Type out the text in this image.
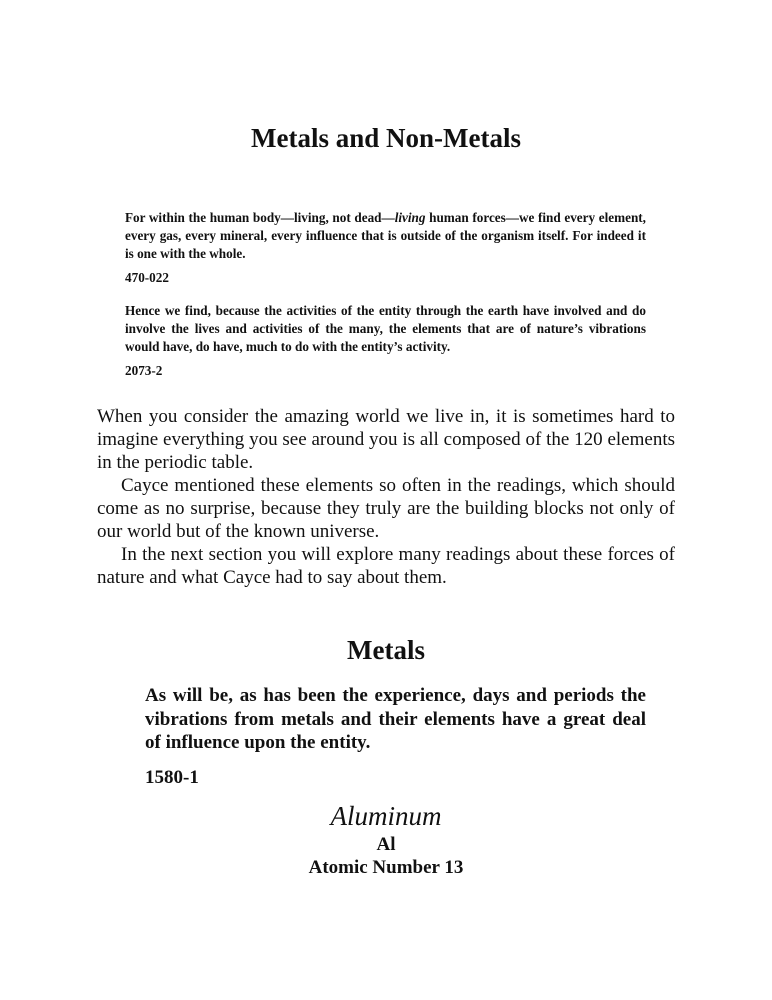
Metals and Non-Metals
For within the human body—living, not dead—living human forces—we find every element, every gas, every mineral, every influence that is outside of the organism itself. For indeed it is one with the whole.
470-022
Hence we find, because the activities of the entity through the earth have involved and do involve the lives and activities of the many, the elements that are of nature’s vibrations would have, do have, much to do with the entity’s activity.
2073-2

When you consider the amazing world we live in, it is sometimes hard to imagine everything you see around you is all composed of the 120 elements in the periodic table.

Cayce mentioned these elements so often in the readings, which should come as no surprise, because they truly are the building blocks not only of our world but of the known universe.

In the next section you will explore many readings about these forces of nature and what Cayce had to say about them.

Metals
As will be, as has been the experience, days and periods the vibrations from metals and their elements have a great deal of influence upon the entity.
1580-1
Aluminum
Al
Atomic Number 13
